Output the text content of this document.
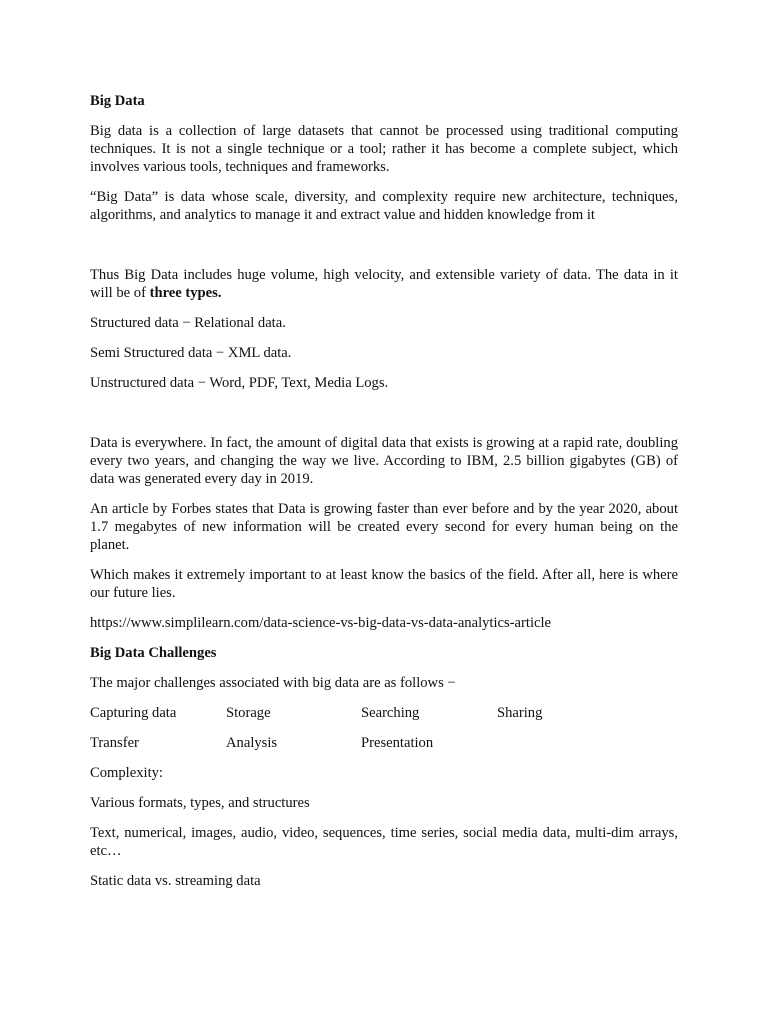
Big Data

Big data is a collection of large datasets that cannot be processed using traditional computing techniques. It is not a single technique or a tool; rather it has become a complete subject, which involves various tools, techniques and frameworks.

“Big Data” is data whose scale, diversity, and complexity require new architecture, techniques, algorithms, and analytics to manage it and extract value and hidden knowledge from it

Thus Big Data includes huge volume, high velocity, and extensible variety of data. The data in it will be of three types.

Structured data − Relational data.

Semi Structured data − XML data.

Unstructured data − Word, PDF, Text, Media Logs.

Data is everywhere. In fact, the amount of digital data that exists is growing at a rapid rate, doubling every two years, and changing the way we live. According to IBM, 2.5 billion gigabytes (GB) of data was generated every day in 2019.

An article by Forbes states that Data is growing faster than ever before and by the year 2020, about 1.7 megabytes of new information will be created every second for every human being on the planet.

Which makes it extremely important to at least know the basics of the field. After all, here is where our future lies.

https://www.simplilearn.com/data-science-vs-big-data-vs-data-analytics-article

Big Data Challenges

The major challenges associated with big data are as follows −

Capturing data	Storage	Searching	Sharing
Transfer	Analysis	Presentation

Complexity:

Various formats, types, and structures

Text, numerical, images, audio, video, sequences, time series, social media data, multi-dim arrays, etc…

Static data vs. streaming data
